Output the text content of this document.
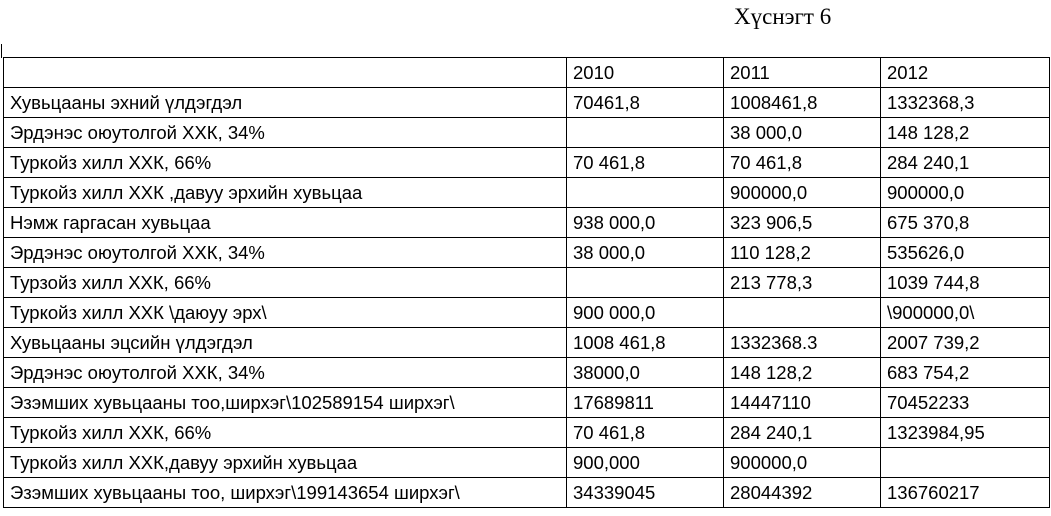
Хүснэгт 6
	2010	2011	2012
Хувьцааны эхний үлдэгдэл	70461,8	1008461,8	1332368,3
Эрдэнэс оюутолгой ХХК, 34%		38 000,0	148 128,2
Туркойз хилл ХХК, 66%	70 461,8	70 461,8	284 240,1
Туркойз хилл ХХК ,давуу эрхийн хувьцаа		900000,0	900000,0
Нэмж гаргасан хувьцаа	938 000,0	323 906,5	675 370,8
Эрдэнэс оюутолгой ХХК, 34%	38 000,0	110 128,2	535626,0
Турзойз хилл ХХК, 66%		213 778,3	1039 744,8
Туркойз хилл ХХК \даюуу эрх\	900 000,0		\900000,0\
Хувьцааны эцсийн үлдэгдэл	1008 461,8	1332368.3	2007 739,2
Эрдэнэс оюутолгой ХХК, 34%	38000,0	148 128,2	683 754,2
Эзэмших хувьцааны тоо,ширхэг\102589154 ширхэг\	17689811	14447110	70452233
Туркойз хилл ХХК, 66%	70 461,8	284 240,1	1323984,95
Туркойз хилл ХХК,давуу эрхийн хувьцаа	900,000	900000,0	
Эзэмших хувьцааны тоо, ширхэг\199143654 ширхэг\	34339045	28044392	136760217
